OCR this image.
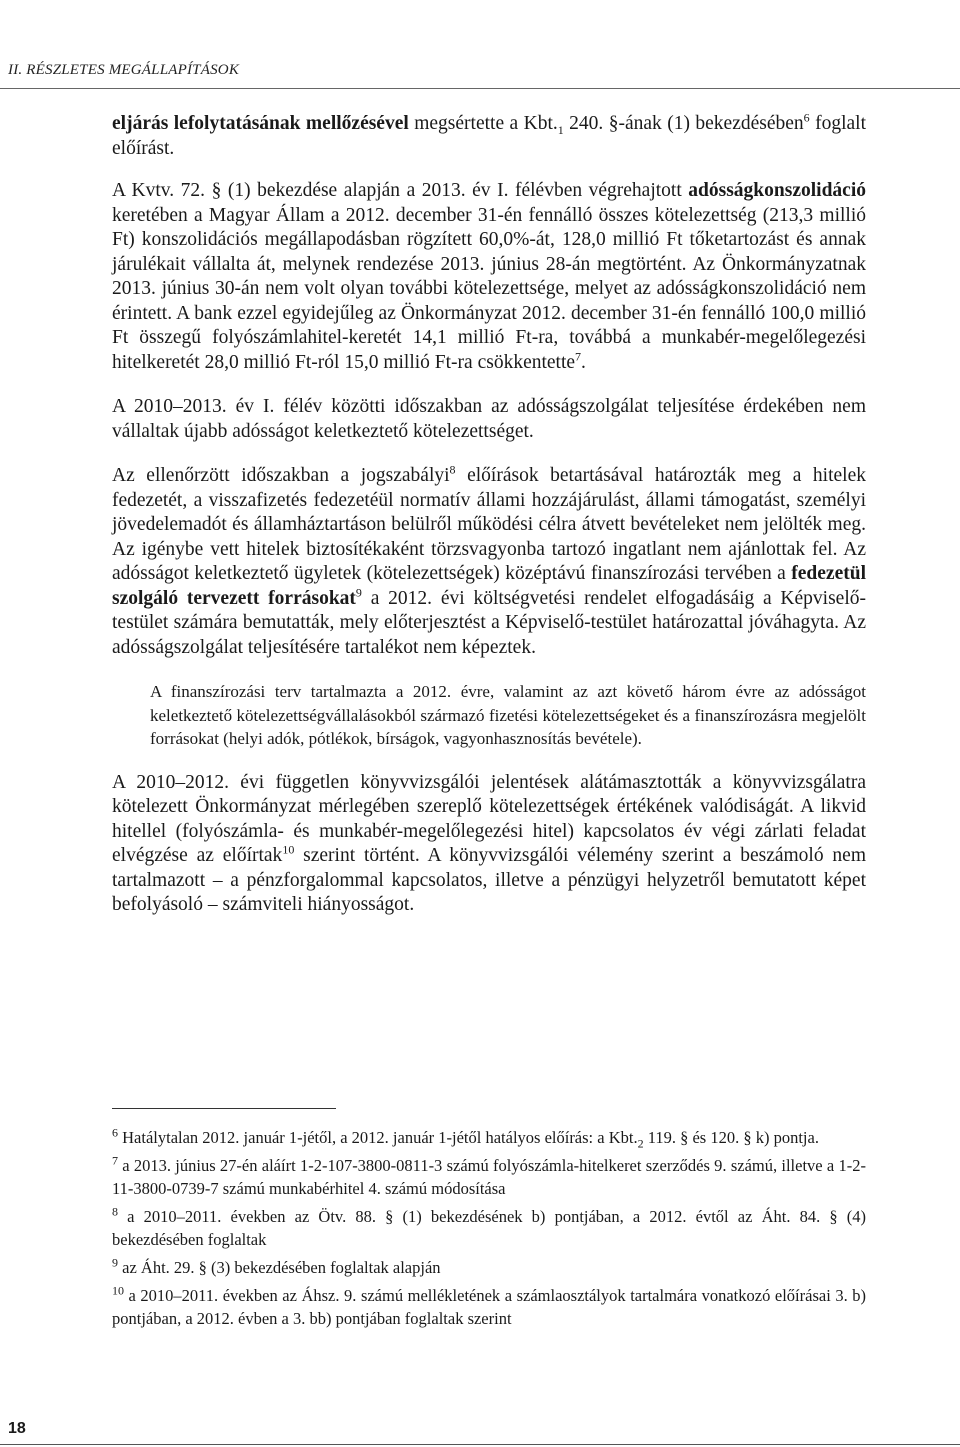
II. RÉSZLETES MEGÁLLAPÍTÁSOK

eljárás lefolytatásának mellőzésével megsértette a $Kbt._1$ 240. §-ának (1) bekezdésében$^6$ foglalt előírást.

A Kvtv. 72. § (1) bekezdése alapján a 2013. év I. félévben végrehajtott adósságkonszolidáció keretében a Magyar Állam a 2012. december 31-én fennálló összes kötelezettség (213,3 millió Ft) konszolidációs megállapodásban rögzített 60,0%-át, 128,0 millió Ft tőketartozást és annak járulékait vállalta át, melynek rendezése 2013. június 28-án megtörtént. Az Önkormányzatnak 2013. június 30-án nem volt olyan további kötelezettsége, melyet az adósságkonszolidáció nem érintett. A bank ezzel egyidejűleg az Önkormányzat 2012. december 31-én fennálló 100,0 millió Ft összegű folyószámlahitel-keretét 14,1 millió Ft-ra, továbbá a munkabér-megelőlegezési hitelkeretét 28,0 millió Ft-ról 15,0 millió Ft-ra csökkentette$^7$.

A 2010–2013. év I. félév közötti időszakban az adósságszolgálat teljesítése érdekében nem vállaltak újabb adósságot keletkeztető kötelezettséget.

Az ellenőrzött időszakban a jogszabályi$^8$ előírások betartásával határozták meg a hitelek fedezetét, a visszafizetés fedezetéül normatív állami hozzájárulást, állami támogatást, személyi jövedelemadót és államháztartáson belülről működési célra átvett bevételeket nem jelölték meg. Az igénybe vett hitelek biztosítékaként törzsvagyonba tartozó ingatlant nem ajánlottak fel. Az adósságot keletkeztető ügyletek (kötelezettségek) középtávú finanszírozási tervében a fedezetül szolgáló tervezett forrásokat$^9$ a 2012. évi költségvetési rendelet elfogadásáig a Képviselő-testület számára bemutatták, mely előterjesztést a Képviselő-testület határozattal jóváhagyta. Az adósságszolgálat teljesítésére tartalékot nem képeztek.

A finanszírozási terv tartalmazta a 2012. évre, valamint az azt követő három évre az adósságot keletkeztető kötelezettségvállalásokból származó fizetési kötelezettségeket és a finanszírozásra megjelölt forrásokat (helyi adók, pótlékok, bírságok, vagyonhasznosítás bevétele).

A 2010–2012. évi független könyvvizsgálói jelentések alátámasztották a könyvvizsgálatra kötelezett Önkormányzat mérlegében szereplő kötelezettségek értékének valódiságát. A likvid hitellel (folyószámla- és munkabér-megelőlegezési hitel) kapcsolatos év végi zárlati feladat elvégzése az előírtak$^{10}$ szerint történt. A könyvvizsgálói vélemény szerint a beszámoló nem tartalmazott – a pénzforgalommal kapcsolatos, illetve a pénzügyi helyzetről bemutatott képet befolyásoló – számviteli hiányosságot.

$^6$ Hatálytalan 2012. január 1-jétől, a 2012. január 1-jétől hatályos előírás: a $Kbt._2$ 119. § és 120. § k) pontja.

$^7$ a 2013. június 27-én aláírt 1-2-107-3800-0811-3 számú folyószámla-hitelkeret szerződés 9. számú, illetve a 1-2-11-3800-0739-7 számú munkabérhitel 4. számú módosítása

$^8$ a 2010–2011. években az Ötv. 88. § (1) bekezdésének b) pontjában, a 2012. évtől az Áht. 84. § (4) bekezdésében foglaltak

$^9$ az Áht. 29. § (3) bekezdésében foglaltak alapján

$^{10}$ a 2010–2011. években az Áhsz. 9. számú mellékletének a számlaosztályok tartalmára vonatkozó előírásai 3. b) pontjában, a 2012. évben a 3. bb) pontjában foglaltak szerint

18
